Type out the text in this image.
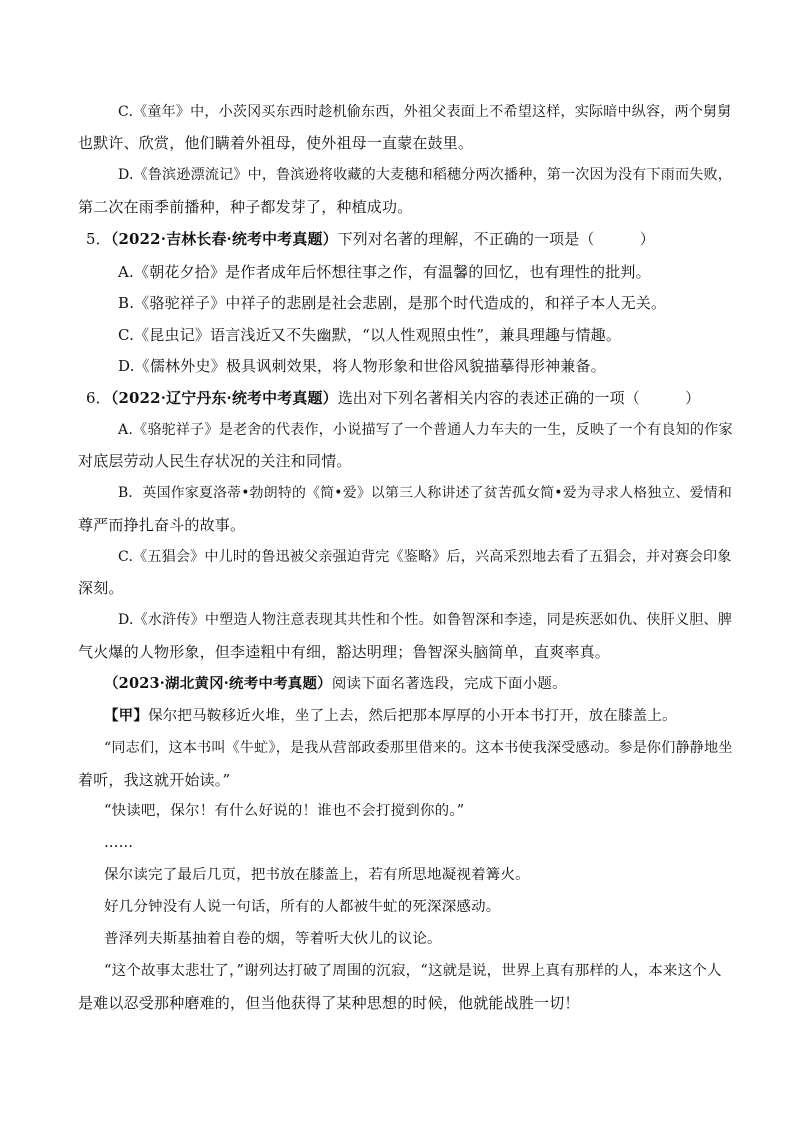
C.《童年》中，小茨冈买东西时趁机偷东西，外祖父表面上不希望这样，实际暗中纵容，两个舅舅
也默许、欣赏，他们瞒着外祖母，使外祖母一直蒙在鼓里。
D.《鲁滨逊漂流记》中，鲁滨逊将收藏的大麦穗和稻穗分两次播种，第一次因为没有下雨而失败，
第二次在雨季前播种，种子都发芽了，种植成功。
5．（2022·吉林长春·统考中考真题）下列对名著的理解，不正确的一项是（　　　）
A.《朝花夕拾》是作者成年后怀想往事之作，有温馨的回忆，也有理性的批判。
B.《骆驼祥子》中祥子的悲剧是社会悲剧，是那个时代造成的，和祥子本人无关。
C.《昆虫记》语言浅近又不失幽默，“以人性观照虫性”，兼具理趣与情趣。
D.《儒林外史》极具讽刺效果，将人物形象和世俗风貌描摹得形神兼备。
6．（2022·辽宁丹东·统考中考真题）选出对下列名著相关内容的表述正确的一项（　　　）
A.《骆驼祥子》是老舍的代表作，小说描写了一个普通人力车夫的一生，反映了一个有良知的作家
对底层劳动人民生存状况的关注和同情。
B．英国作家夏洛蒂•勃朗特的《简•爱》以第三人称讲述了贫苦孤女简•爱为寻求人格独立、爱情和
尊严而挣扎奋斗的故事。
C.《五猖会》中儿时的鲁迅被父亲强迫背完《鉴略》后，兴高采烈地去看了五猖会，并对赛会印象
深刻。
D.《水浒传》中塑造人物注意表现其共性和个性。如鲁智深和李逵，同是疾恶如仇、侠肝义胆、脾
气火爆的人物形象，但李逵粗中有细，豁达明理；鲁智深头脑简单，直爽率真。
（2023·湖北黄冈·统考中考真题）阅读下面名著选段，完成下面小题。
【甲】保尔把马鞍移近火堆，坐了上去，然后把那本厚厚的小开本书打开，放在膝盖上。
“同志们，这本书叫《牛虻》，是我从营部政委那里借来的。这本书使我深受感动。参是你们静静地坐
着听，我这就开始读。”
“快读吧，保尔！有什么好说的！谁也不会打搅到你的。”
……
保尔读完了最后几页，把书放在膝盖上，若有所思地凝视着篝火。
好几分钟没有人说一句话，所有的人都被牛虻的死深深感动。
普泽列夫斯基抽着自卷的烟，等着听大伙儿的议论。
“这个故事太悲壮了，”谢列达打破了周围的沉寂，“这就是说，世界上真有那样的人，本来这个人
是难以忍受那种磨难的，但当他获得了某种思想的时候，他就能战胜一切！
